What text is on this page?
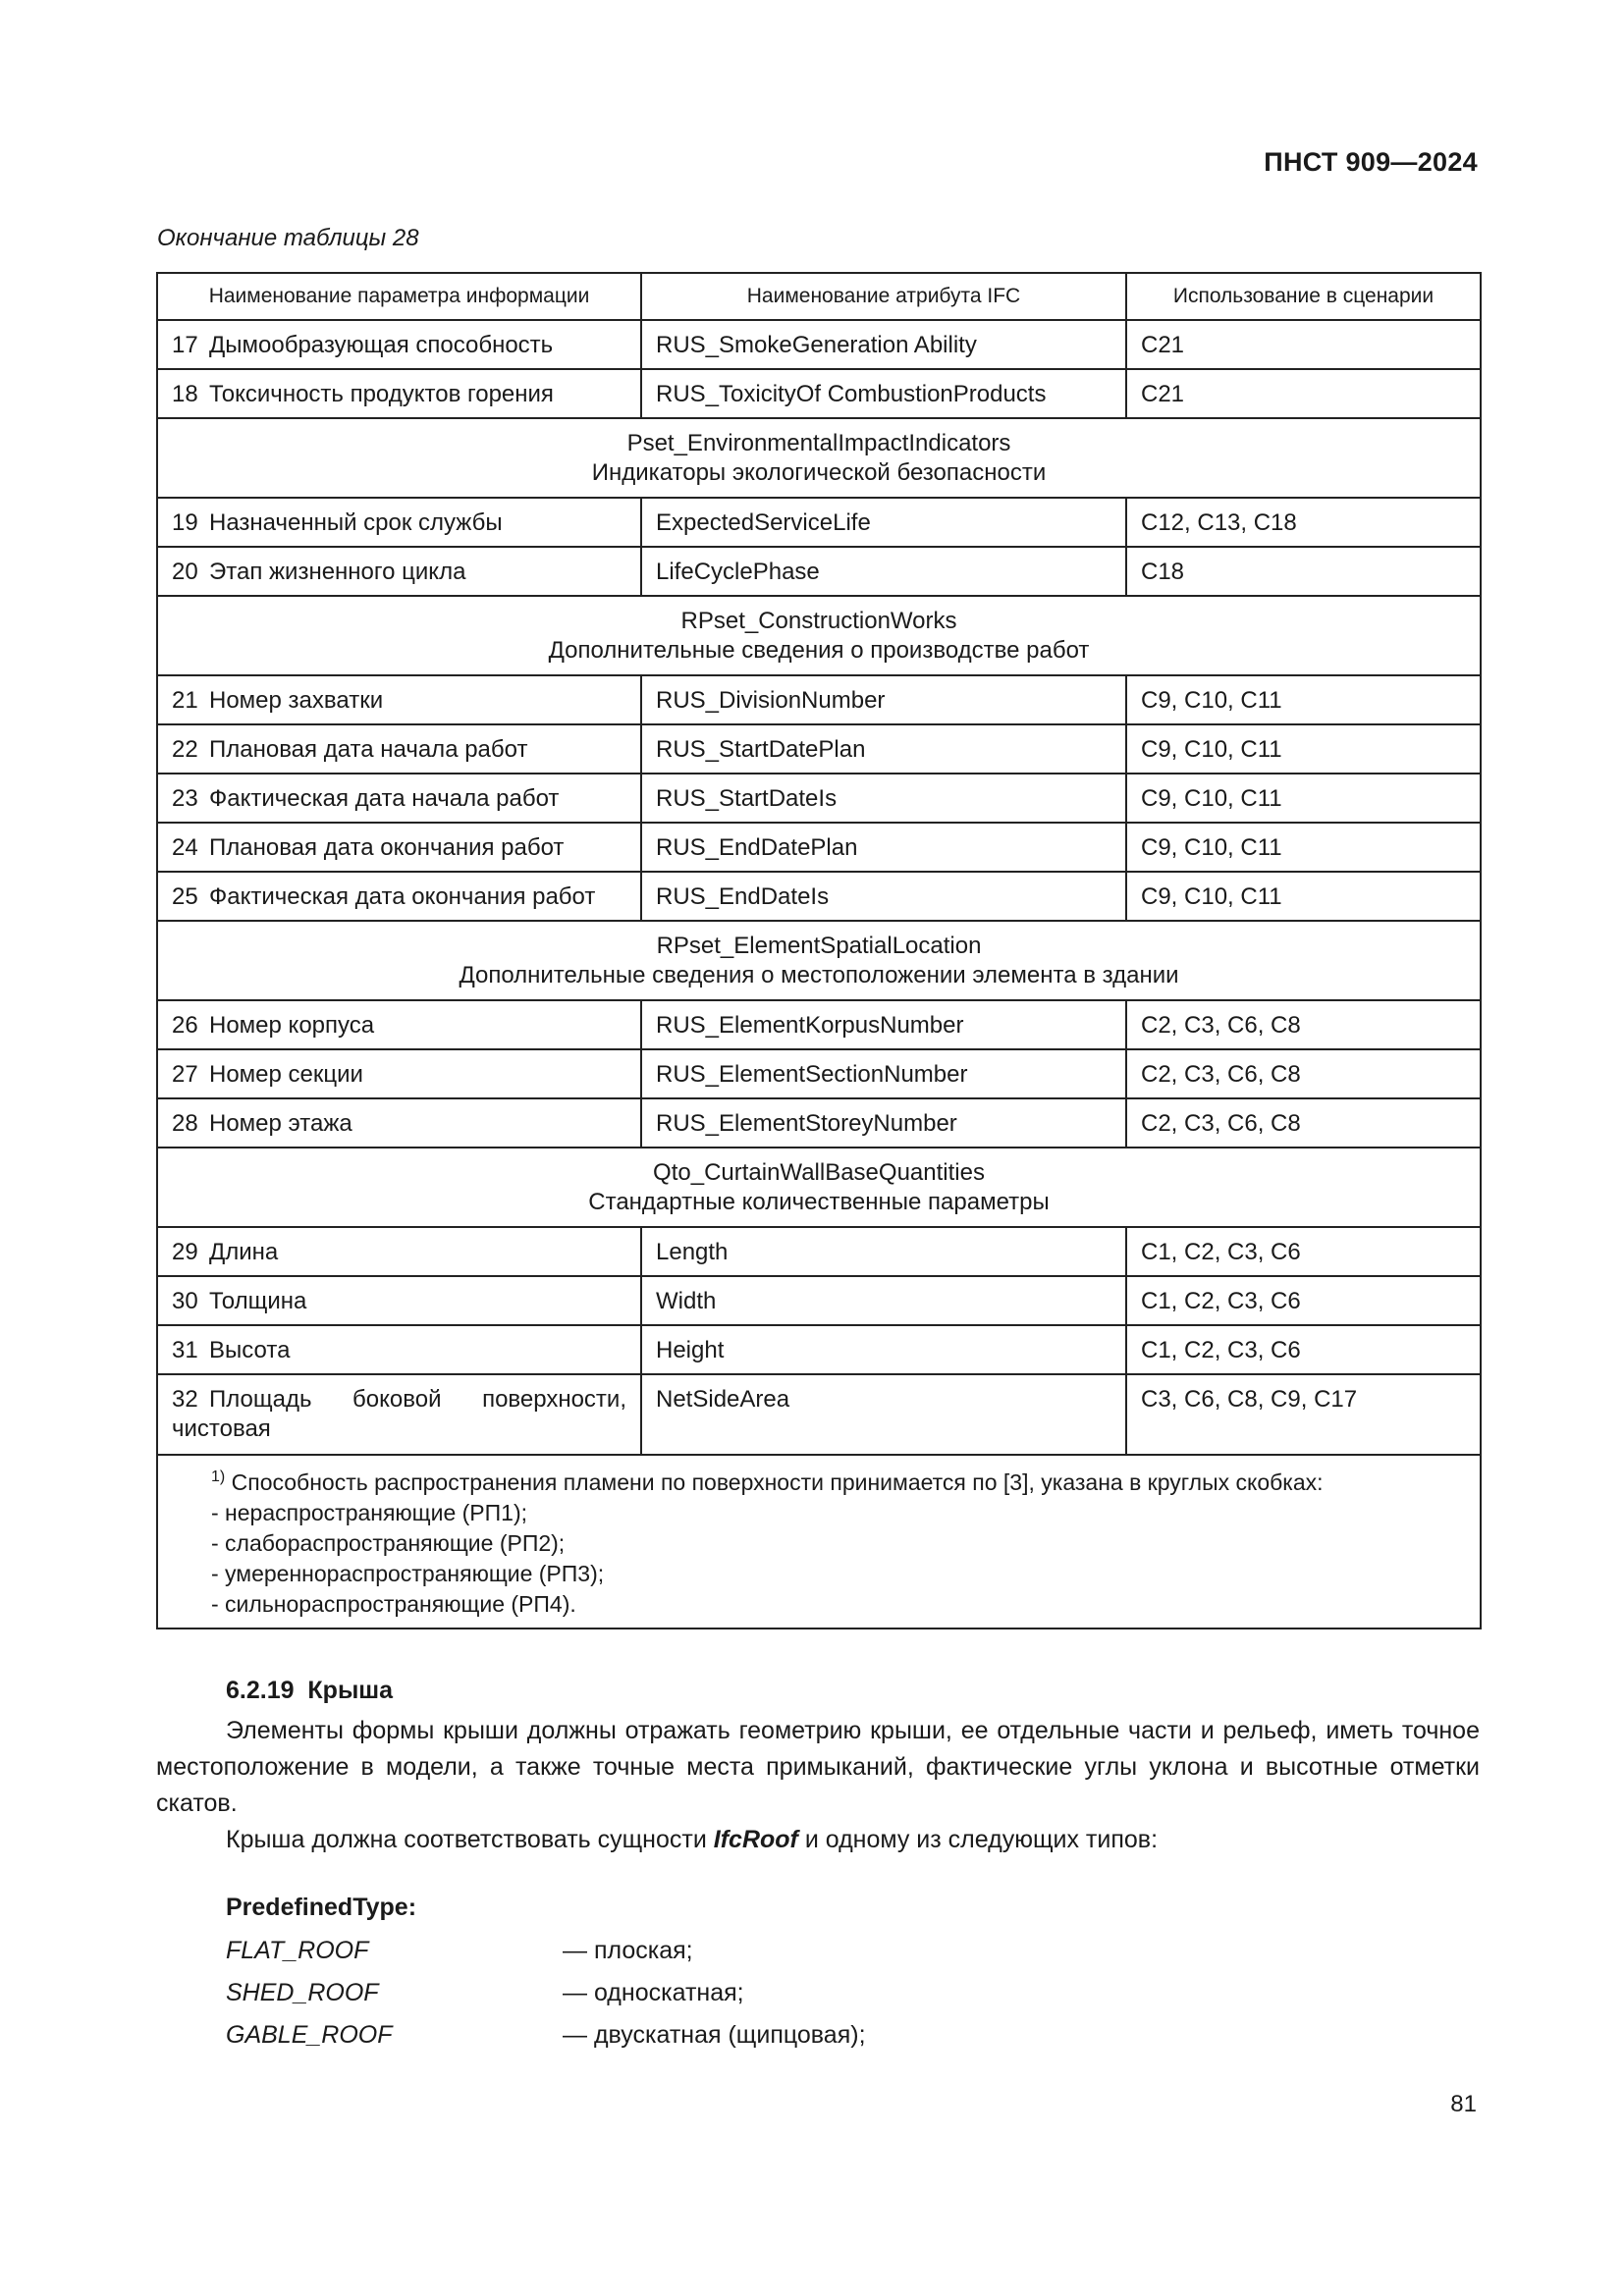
ПНСТ 909—2024
Окончание таблицы 28
Наименование параметра информации	Наименование атрибута IFC	Использование в сценарии
17 Дымообразующая способность	RUS_SmokeGeneration Ability	C21
18 Токсичность продуктов горения	RUS_ToxicityOf CombustionProducts	C21

Pset_EnvironmentalImpactIndicators
Индикаторы экологической безопасности		

19 Назначенный срок службы	ExpectedServiceLife	C12, C13, C18
20 Этап жизненного цикла	LifeCyclePhase	C18

RPset_ConstructionWorks
Дополнительные сведения о производстве работ		

21 Номер захватки	RUS_DivisionNumber	C9, C10, C11
22 Плановая дата начала работ	RUS_StartDatePlan	C9, C10, C11
23 Фактическая дата начала работ	RUS_StartDateIs	C9, C10, C11
24 Плановая дата окончания работ	RUS_EndDatePlan	C9, C10, C11
25 Фактическая дата окончания работ	RUS_EndDateIs	C9, C10, C11

RPset_ElementSpatialLocation
Дополнительные сведения о местоположении элемента в здании		

26 Номер корпуса	RUS_ElementKorpusNumber	C2, C3, C6, C8
27 Номер секции	RUS_ElementSectionNumber	C2, C3, C6, C8
28 Номер этажа	RUS_ElementStoreyNumber	C2, C3, C6, C8

Qto_CurtainWallBaseQuantities
Стандартные количественные параметры		

29 Длина	Length	C1, C2, C3, C6
30 Толщина	Width	C1, C2, C3, C6
31 Высота	Height	C1, C2, C3, C6
32 Площадь боковой поверхности, чистовая	NetSideArea	C3, C6, C8, C9, C17

$^{1)}$ Способность распространения пламени по поверхности принимается по [3], указана в круглых скобках:
- нераспространяющие (РП1);
- слабораспространяющие (РП2);
- умереннораспространяющие (РП3);
- сильнораспространяющие (РП4).		
6.2.19 Крыша
Элементы формы крыши должны отражать геометрию крыши, ее отдельные части и рельеф, иметь точное местоположение в модели, а также точные места примыканий, фактические углы уклона и высотные отметки скатов.
Крыша должна соответствовать сущности IfcRoof и одному из следующих типов:
PredefinedType:
FLAT_ROOF	— плоская;
SHED_ROOF	— односкатная;
GABLE_ROOF	— двускатная (щипцовая);
81
